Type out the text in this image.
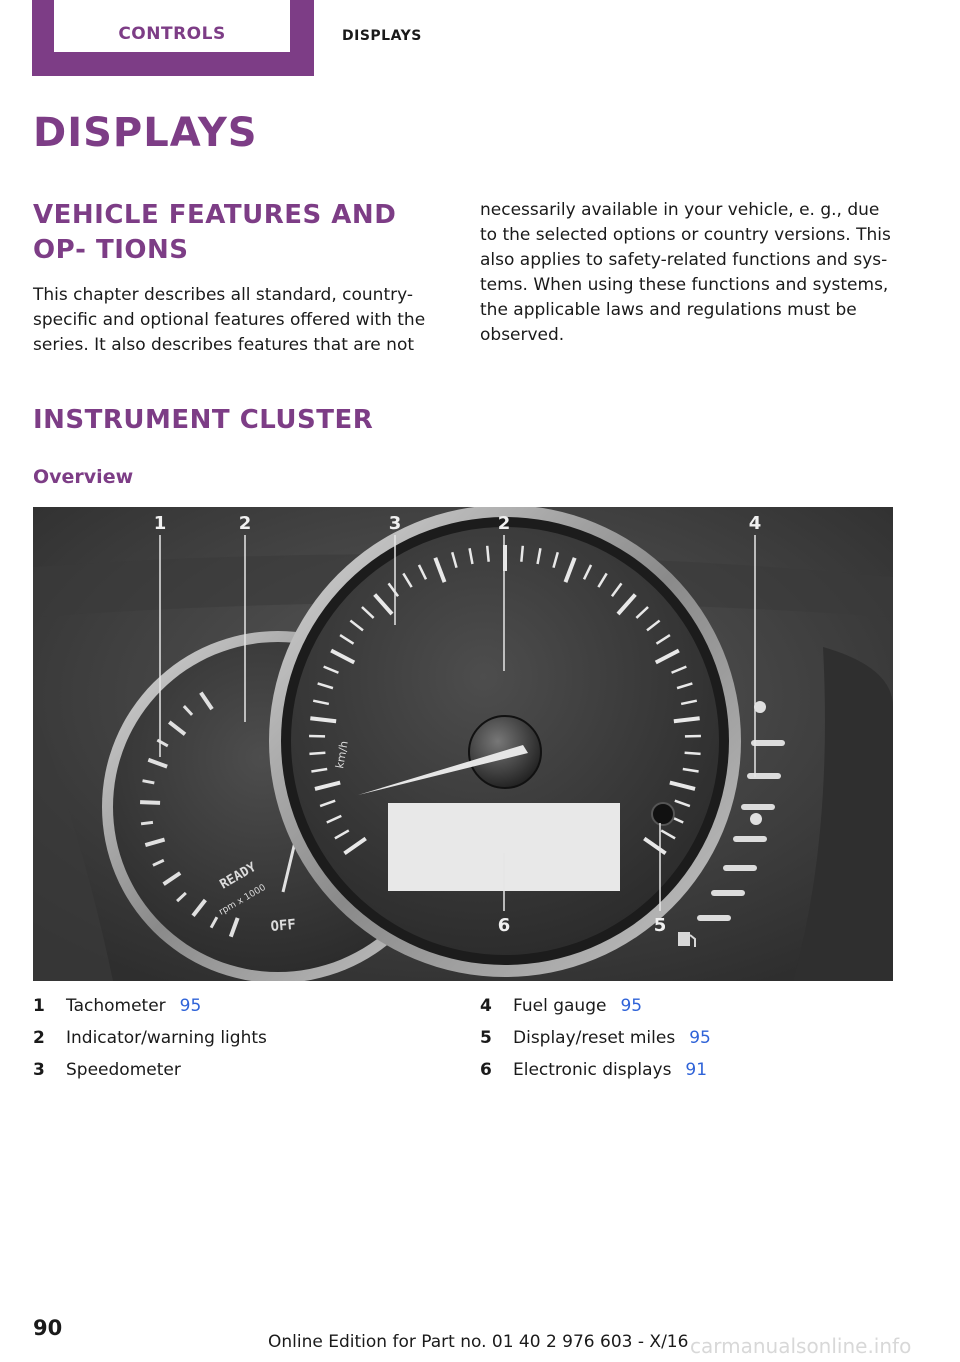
CONTROLS	DISPLAYS
DISPLAYS
VEHICLE FEATURES AND OP‐ TIONS
This chapter describes all standard, country-specific and optional features offered with the series. It also describes features that are not
necessarily available in your vehicle, e. g., due to the selected options or country versions. This also applies to safety-related functions and sys‐ tems. When using these functions and systems, the applicable laws and regulations must be observed.
INSTRUMENT CLUSTER
Overview
READY
rpm x 1000
OFF
km/h
1	2	3	2	4
6	5
1 Tachometer 95
2 Indicator/warning lights
3 Speedometer
4 Fuel gauge 95
5 Display/reset miles 95
6 Electronic displays 91
90
Online Edition for Part no. 01 40 2 976 603 - X/16 carmanualsonline.info
